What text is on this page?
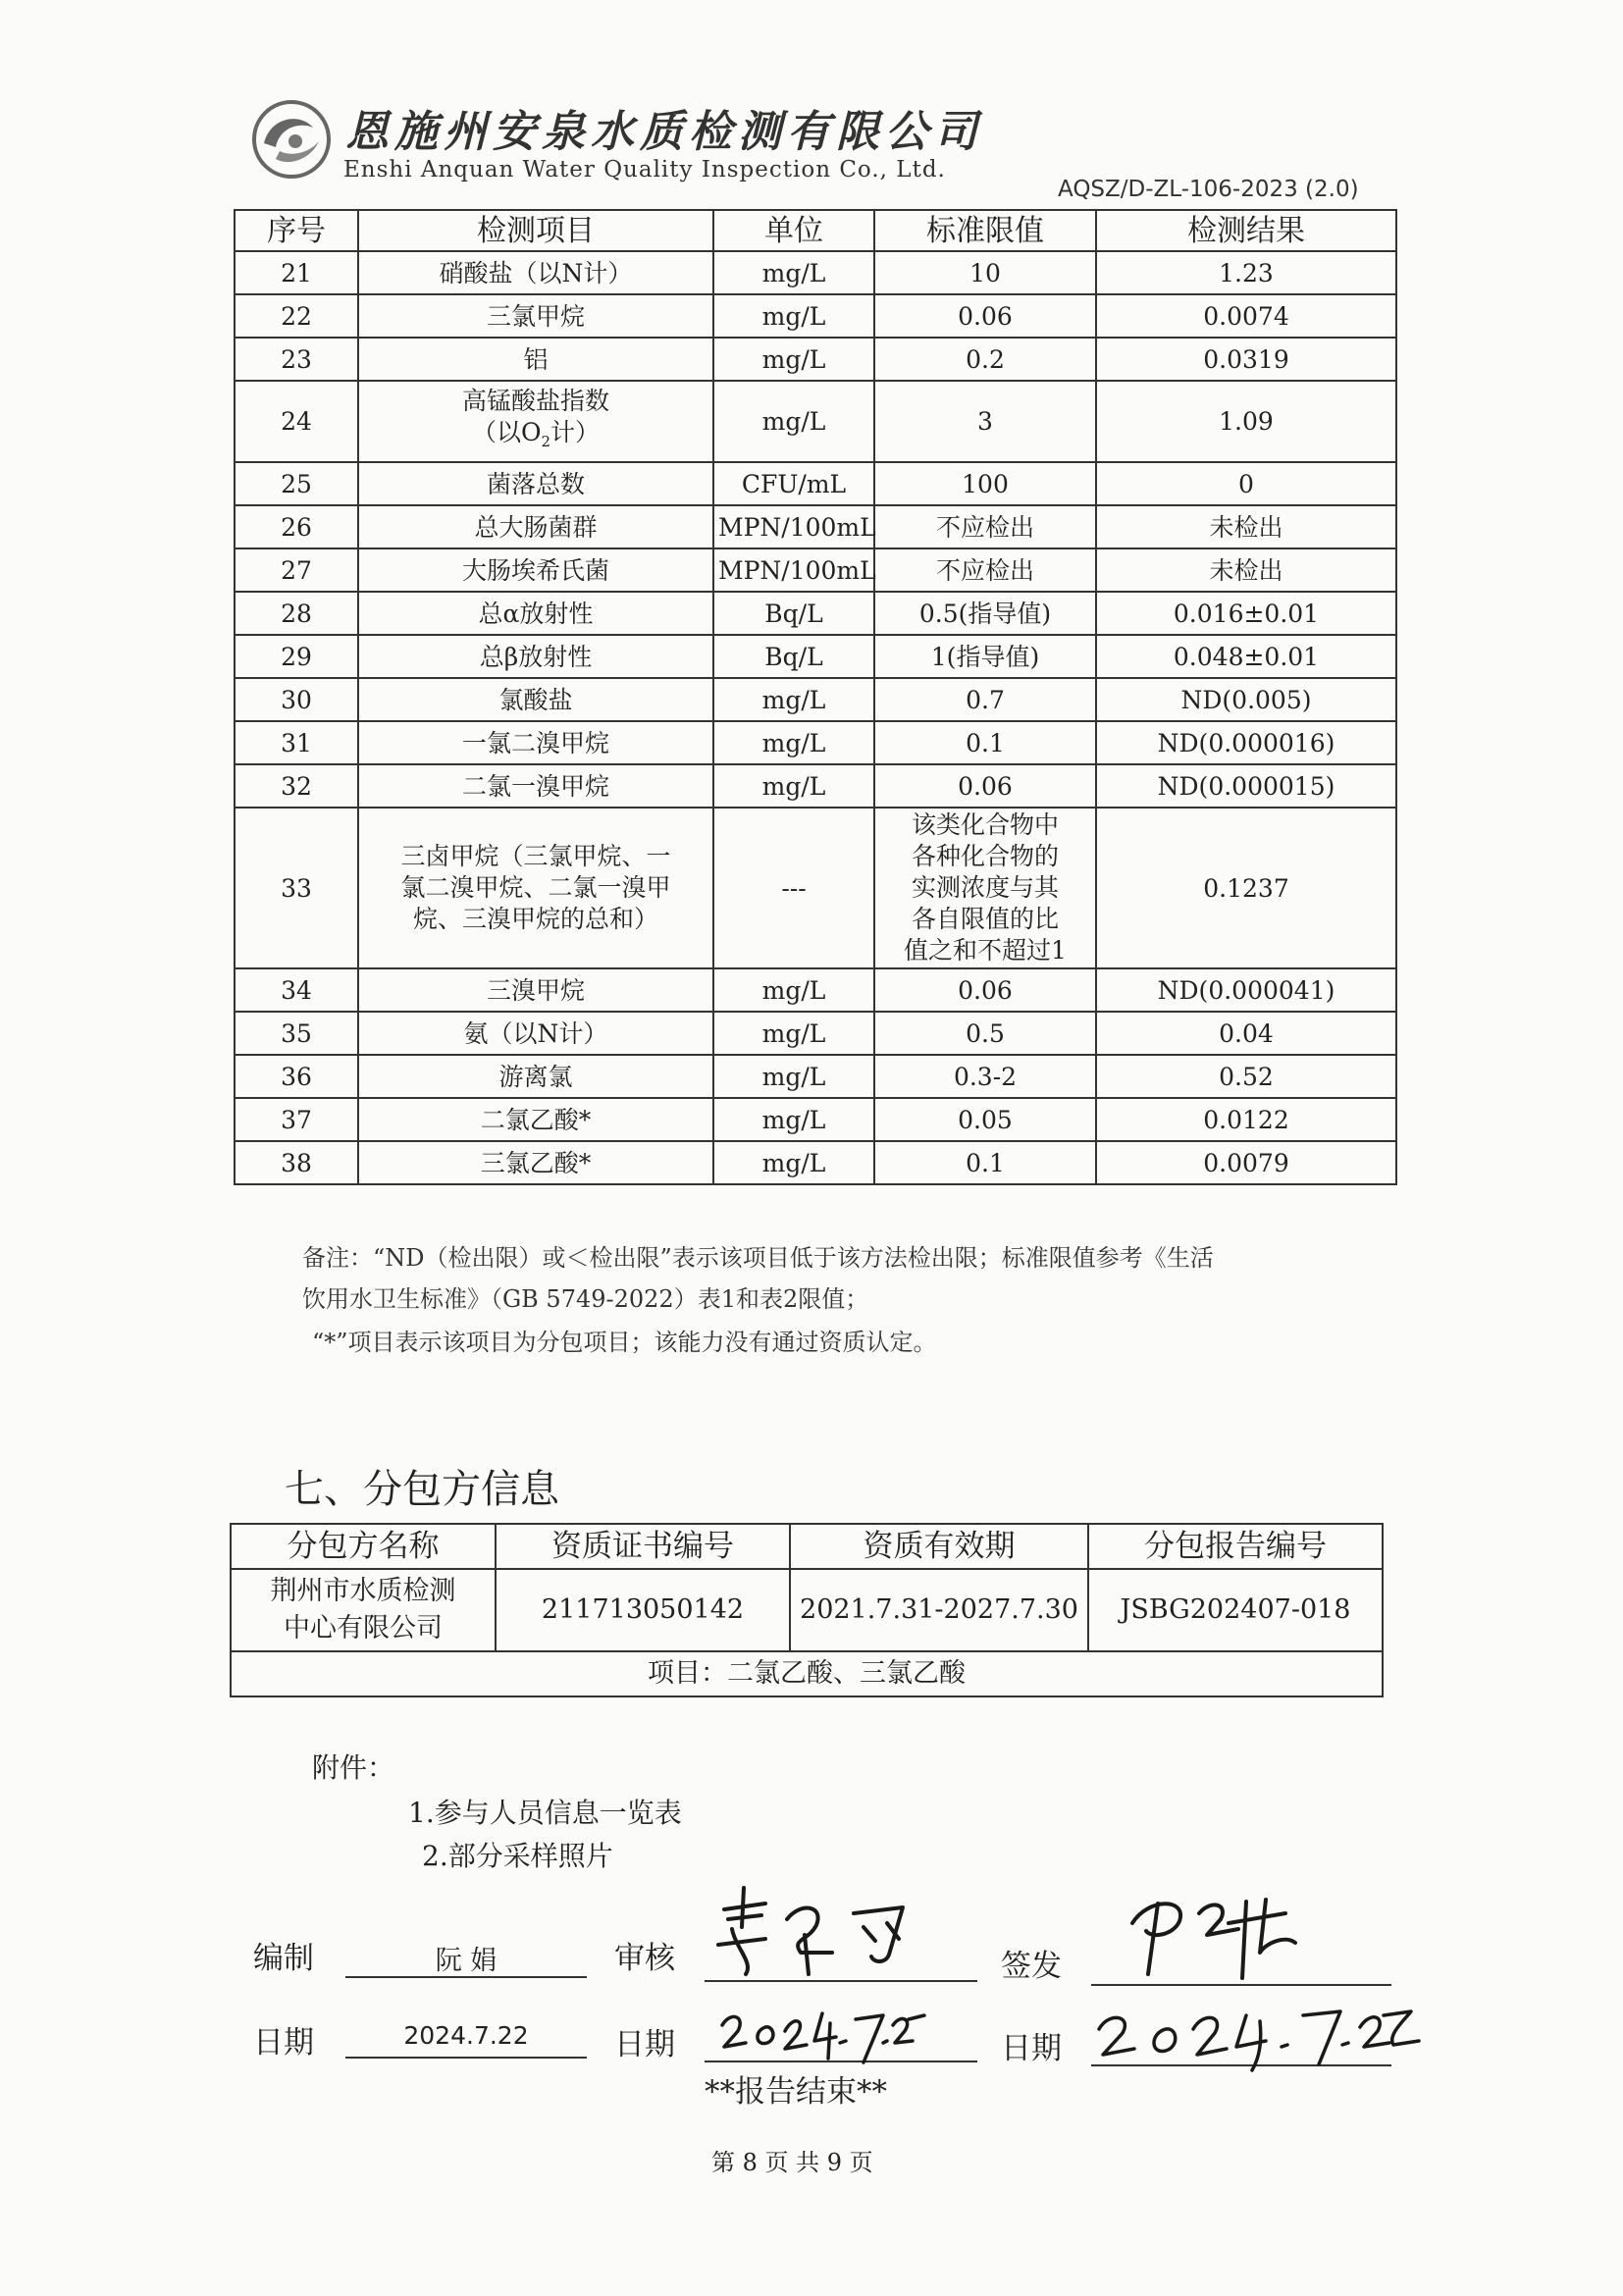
恩施州安泉水质检测有限公司
Enshi Anquan Water Quality Inspection Co., Ltd.
AQSZ/D-ZL-106-2023 (2.0)
序号	检测项目	单位	标准限值	检测结果
21	硝酸盐（以N计）	mg/L	10	1.23
22	三氯甲烷	mg/L	0.06	0.0074
23	铝	mg/L	0.2	0.0319
24	高锰酸盐指数
（以$O_2$计）	mg/L	3	1.09
25	菌落总数	CFU/mL	100	0
26	总大肠菌群	MPN/100mL	不应检出	未检出
27	大肠埃希氏菌	MPN/100mL	不应检出	未检出
28	总α放射性	Bq/L	0.5(指导值)	0.016±0.01
29	总β放射性	Bq/L	1(指导值)	0.048±0.01
30	氯酸盐	mg/L	0.7	ND(0.005)
31	一氯二溴甲烷	mg/L	0.1	ND(0.000016)
32	二氯一溴甲烷	mg/L	0.06	ND(0.000015)
33	三卤甲烷（三氯甲烷、一
氯二溴甲烷、二氯一溴甲
烷、三溴甲烷的总和）	---	该类化合物中
各种化合物的
实测浓度与其
各自限值的比
值之和不超过1	0.1237
34	三溴甲烷	mg/L	0.06	ND(0.000041)
35	氨（以N计）	mg/L	0.5	0.04
36	游离氯	mg/L	0.3-2	0.52
37	二氯乙酸*	mg/L	0.05	0.0122
38	三氯乙酸*	mg/L	0.1	0.0079
备注：“ND（检出限）或＜检出限”表示该项目低于该方法检出限；标准限值参考《生活
饮用水卫生标准》（GB 5749-2022）表1和表2限值；
“*”项目表示该项目为分包项目；该能力没有通过资质认定。
七、分包方信息
分包方名称	资质证书编号	资质有效期	分包报告编号

荆州市水质检测
中心有限公司	211713050142	2021.7.31-2027.7.30	JSBG202407-018
项目：二氯乙酸、三氯乙酸			
附件：
1.参与人员信息一览表
2.部分采样照片
编制	阮 娟	审核	签发
日期	2024.7.22	日期	日期
**报告结束**
第 8 页 共 9 页
